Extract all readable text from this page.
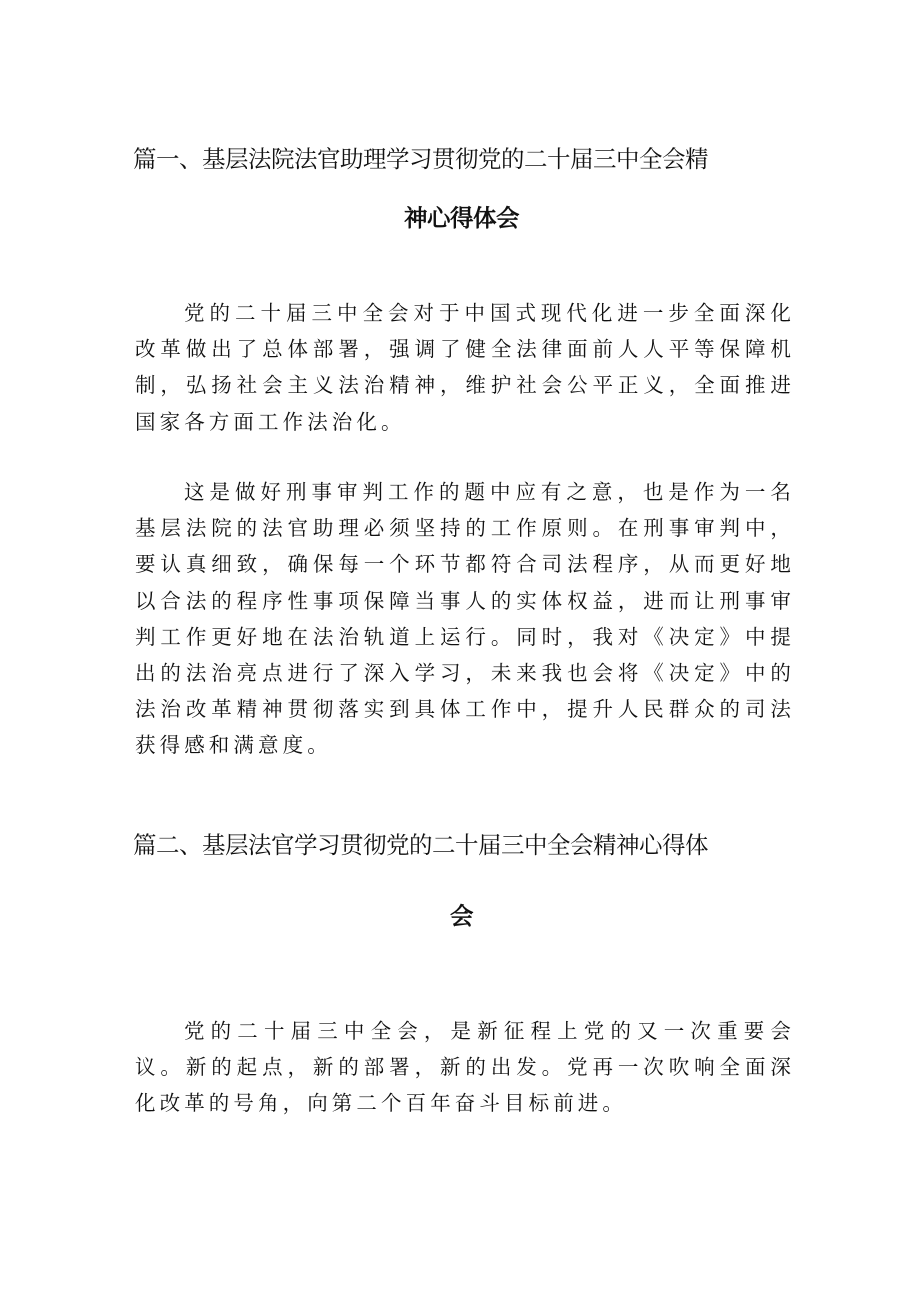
篇一、基层法院法官助理学习贯彻党的二十届三中全会精
神心得体会

党的二十届三中全会对于中国式现代化进一步全面深化改革做出了总体部署，强调了健全法律面前人人平等保障机制，弘扬社会主义法治精神，维护社会公平正义，全面推进国家各方面工作法治化。

这是做好刑事审判工作的题中应有之意，也是作为一名基层法院的法官助理必须坚持的工作原则。在刑事审判中，要认真细致，确保每一个环节都符合司法程序，从而更好地以合法的程序性事项保障当事人的实体权益，进而让刑事审判工作更好地在法治轨道上运行。同时，我对《决定》中提出的法治亮点进行了深入学习，未来我也会将《决定》中的法治改革精神贯彻落实到具体工作中，提升人民群众的司法获得感和满意度。

篇二、基层法官学习贯彻党的二十届三中全会精神心得体
会

党的二十届三中全会，是新征程上党的又一次重要会议。新的起点，新的部署，新的出发。党再一次吹响全面深化改革的号角，向第二个百年奋斗目标前进。
